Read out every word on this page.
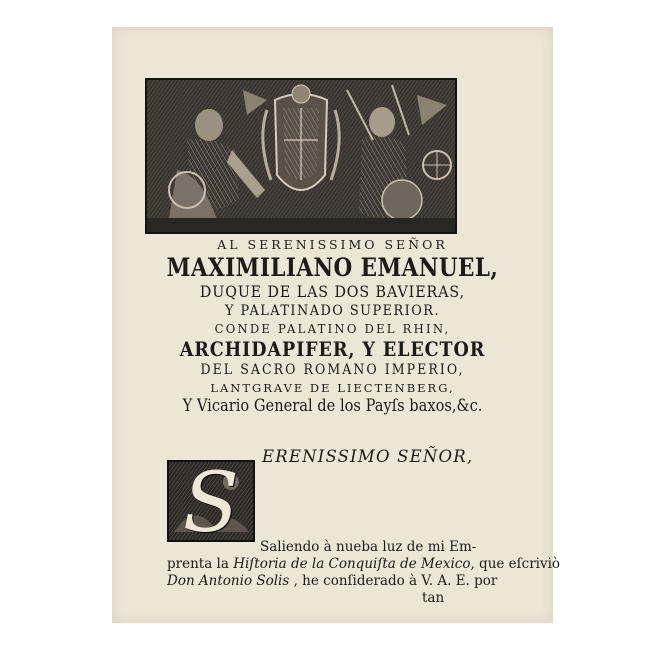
AL SERENISSIMO SEÑOR
MAXIMILIANO EMANUEL,
DUQUE DE LAS DOS BAVIERAS,
Y PALATINADO SUPERIOR.
CONDE PALATINO DEL RHIN,
ARCHIDAPIFER, Y ELECTOR
DEL SACRO ROMANO IMPERIO,
LANTGRAVE DE LIECTENBERG,
Y Vicario General de los Payſs baxos,&c.
S	ERENISSIMO SEÑOR,
Saliendo à nueba luz de mi Em-
prenta la Hiſtoria de la Conquiſta de Mexico, que eſcriviò
Don Antonio Solis , he conſiderado à V. A. E. por
tan
